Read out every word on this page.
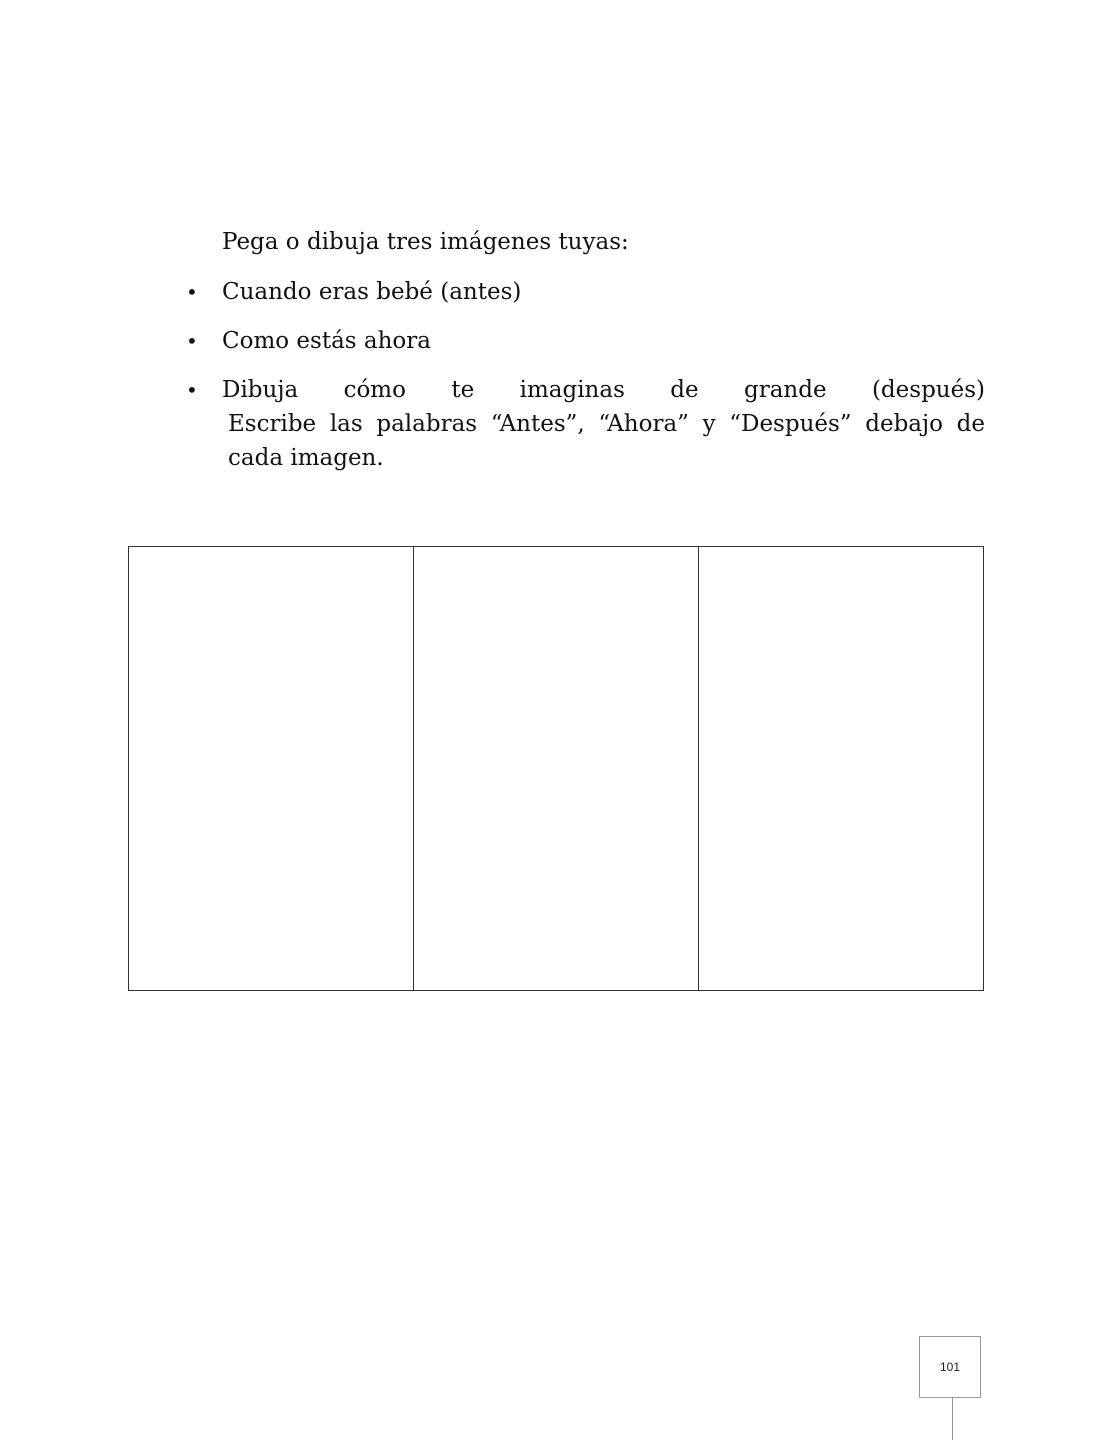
Pega o dibuja tres imágenes tuyas:
• Cuando eras bebé (antes)
• Como estás ahora
• Dibuja cómo te imaginas de grande (después)
Escribe las palabras “Antes”, “Ahora” y “Después” debajo de cada imagen.
101
